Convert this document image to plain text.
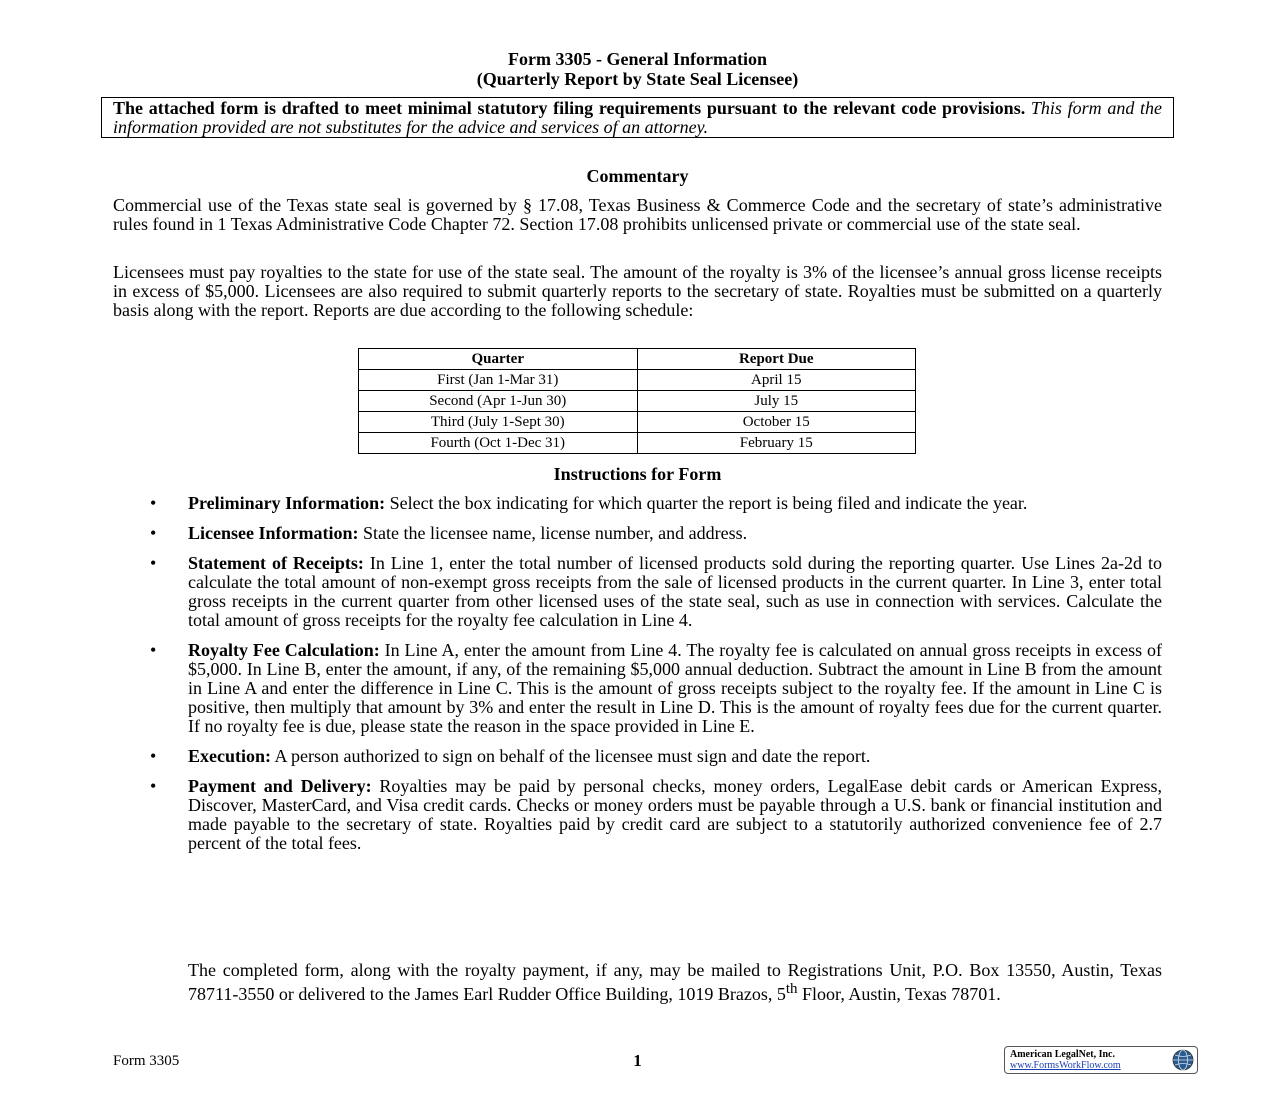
Form 3305 - General Information
(Quarterly Report by State Seal Licensee)
The attached form is drafted to meet minimal statutory filing requirements pursuant to the relevant code provisions. This form and the information provided are not substitutes for the advice and services of an attorney.
Commentary
Commercial use of the Texas state seal is governed by § 17.08, Texas Business & Commerce Code and the secretary of state’s administrative rules found in 1 Texas Administrative Code Chapter 72. Section 17.08 prohibits unlicensed private or commercial use of the state seal.
Licensees must pay royalties to the state for use of the state seal. The amount of the royalty is 3% of the licensee’s annual gross license receipts in excess of $5,000. Licensees are also required to submit quarterly reports to the secretary of state. Royalties must be submitted on a quarterly basis along with the report. Reports are due according to the following schedule:
Quarter	Report Due
First (Jan 1-Mar 31)	April 15
Second (Apr 1-Jun 30)	July 15
Third (July 1-Sept 30)	October 15
Fourth (Oct 1-Dec 31)	February 15
Instructions for Form
• Preliminary Information: Select the box indicating for which quarter the report is being filed and indicate the year.
• Licensee Information: State the licensee name, license number, and address.
• Statement of Receipts: In Line 1, enter the total number of licensed products sold during the reporting quarter. Use Lines 2a-2d to calculate the total amount of non-exempt gross receipts from the sale of licensed products in the current quarter. In Line 3, enter total gross receipts in the current quarter from other licensed uses of the state seal, such as use in connection with services. Calculate the total amount of gross receipts for the royalty fee calculation in Line 4.
• Royalty Fee Calculation: In Line A, enter the amount from Line 4. The royalty fee is calculated on annual gross receipts in excess of $5,000. In Line B, enter the amount, if any, of the remaining $5,000 annual deduction. Subtract the amount in Line B from the amount in Line A and enter the difference in Line C. This is the amount of gross receipts subject to the royalty fee. If the amount in Line C is positive, then multiply that amount by 3% and enter the result in Line D. This is the amount of royalty fees due for the current quarter. If no royalty fee is due, please state the reason in the space provided in Line E.
• Execution: A person authorized to sign on behalf of the licensee must sign and date the report.
• Payment and Delivery: Royalties may be paid by personal checks, money orders, LegalEase debit cards or American Express, Discover, MasterCard, and Visa credit cards. Checks or money orders must be payable through a U.S. bank or financial institution and made payable to the secretary of state. Royalties paid by credit card are subject to a statutorily authorized convenience fee of 2.7 percent of the total fees.
The completed form, along with the royalty payment, if any, may be mailed to Registrations Unit, P.O. Box 13550, Austin, Texas 78711-3550 or delivered to the James Earl Rudder Office Building, 1019 Brazos, 5th Floor, Austin, Texas 78701.
Form 3305	1	American LegalNet, Inc.
www.FormsWorkFlow.com
